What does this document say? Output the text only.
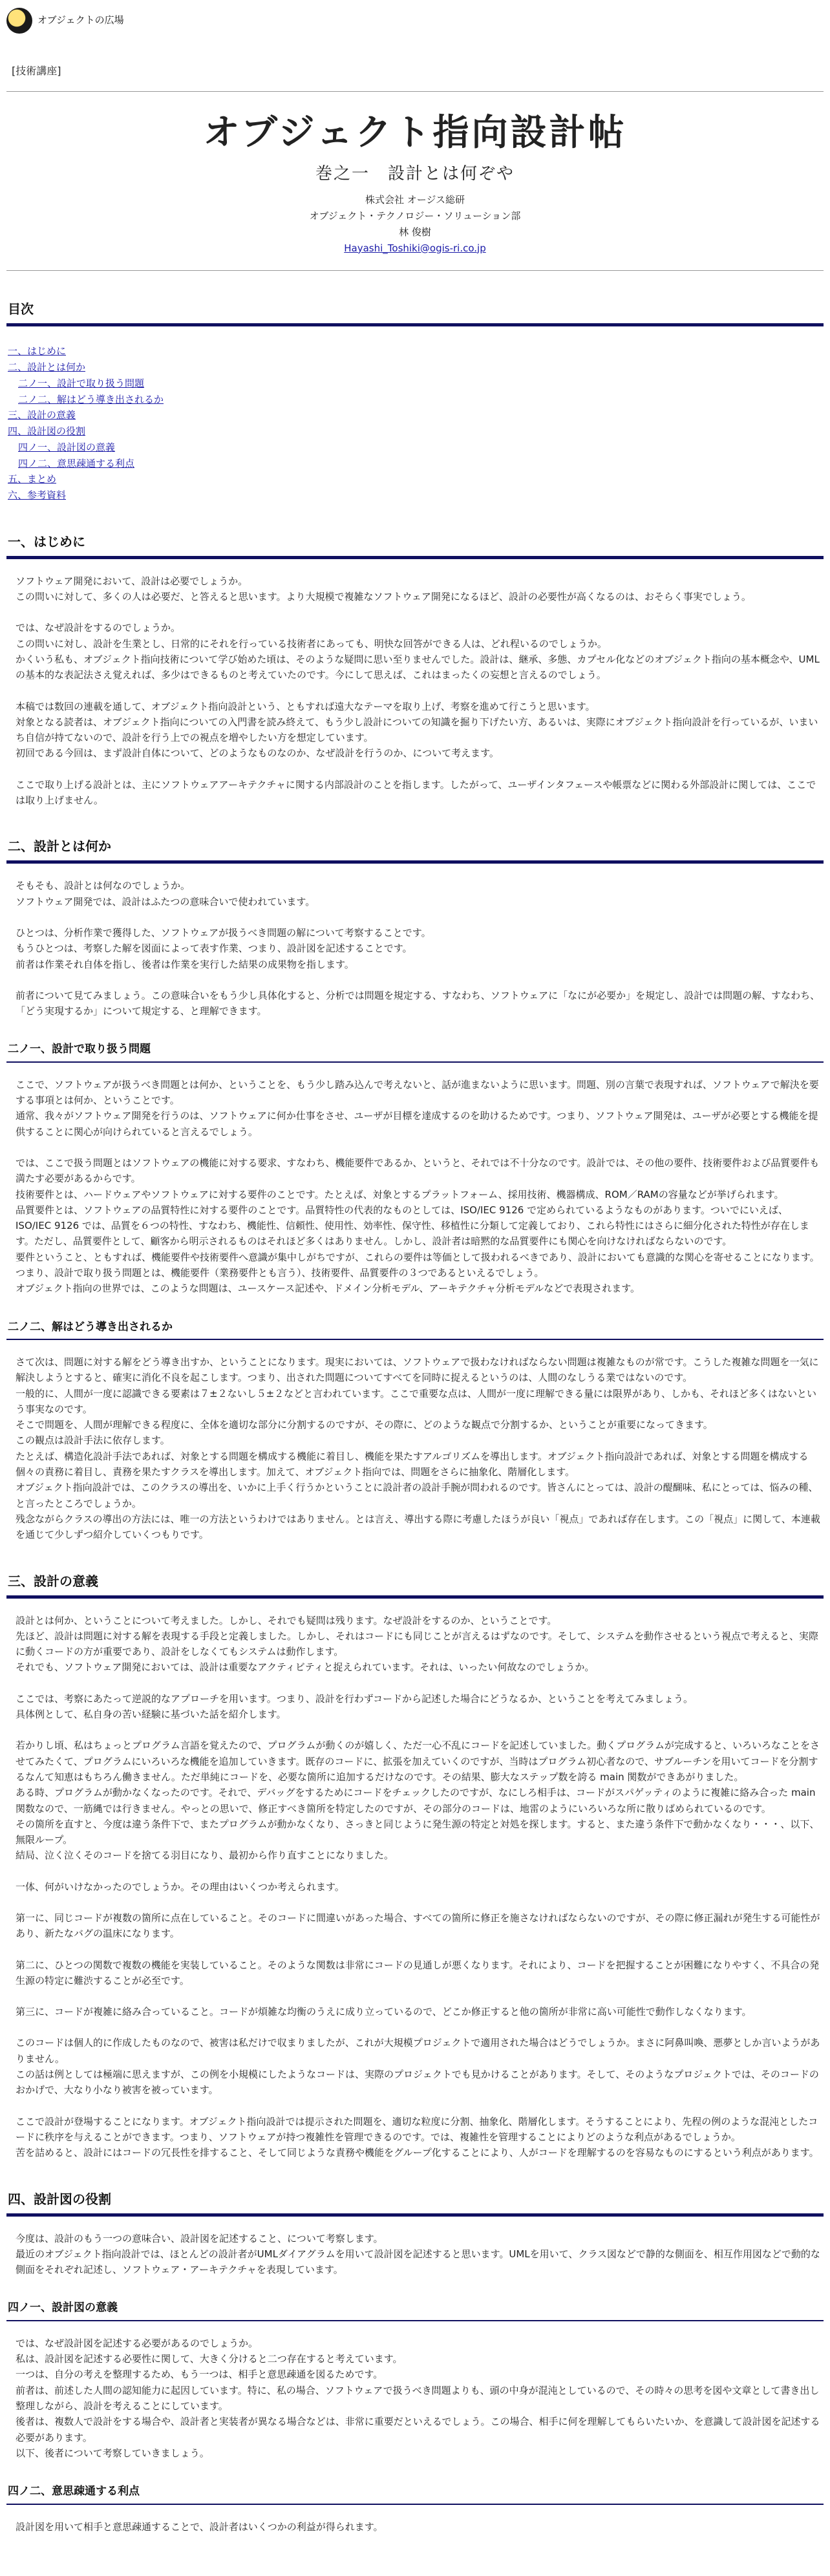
オブジェクトの広場
[技術講座]
オブジェクト指向設計帖
巻之一　設計とは何ぞや
株式会社 オージス総研
オブジェクト・テクノロジー・ソリューション部
林 俊樹
Hayashi_Toshiki@ogis-ri.co.jp
目次
一、はじめに
二、設計とは何か
二ノ一、設計で取り扱う問題
二ノ二、解はどう導き出されるか
三、設計の意義
四、設計図の役割
四ノ一、設計図の意義
四ノ二、意思疎通する利点
五、まとめ
六、参考資料
一、はじめに

ソフトウェア開発において、設計は必要でしょうか。
この問いに対して、多くの人は必要だ、と答えると思います。より大規模で複雑なソフトウェア開発になるほど、設計の必要性が高くなるのは、おそらく事実でしょう。

では、なぜ設計をするのでしょうか。
この問いに対し、設計を生業とし、日常的にそれを行っている技術者にあっても、明快な回答ができる人は、どれ程いるのでしょうか。
かくいう私も、オブジェクト指向技術について学び始めた頃は、そのような疑問に思い至りませんでした。設計は、継承、多態、カプセル化などのオブジェクト指向の基本概念や、UMLの基本的な表記法さえ覚えれば、多少はできるものと考えていたのです。今にして思えば、これはまったくの妄想と言えるのでしょう。

本稿では数回の連載を通して、オブジェクト指向設計という、ともすれば遠大なテーマを取り上げ、考察を進めて行こうと思います。
対象となる読者は、オブジェクト指向についての入門書を読み終えて、もう少し設計についての知識を掘り下げたい方、あるいは、実際にオブジェクト指向設計を行っているが、いまいち自信が持てないので、設計を行う上での視点を増やしたい方を想定しています。
初回である今回は、まず設計自体について、どのようなものなのか、なぜ設計を行うのか、について考えます。

ここで取り上げる設計とは、主にソフトウェアアーキテクチャに関する内部設計のことを指します。したがって、ユーザインタフェースや帳票などに関わる外部設計に関しては、ここでは取り上げません。

二、設計とは何か

そもそも、設計とは何なのでしょうか。
ソフトウェア開発では、設計はふたつの意味合いで使われています。

ひとつは、分析作業で獲得した、ソフトウェアが扱うべき問題の解について考察することです。
もうひとつは、考察した解を図面によって表す作業、つまり、設計図を記述することです。
前者は作業それ自体を指し、後者は作業を実行した結果の成果物を指します。

前者について見てみましょう。この意味合いをもう少し具体化すると、分析では問題を規定する、すなわち、ソフトウェアに「なにが必要か」を規定し、設計では問題の解、すなわち、「どう実現するか」について規定する、と理解できます。

二ノ一、設計で取り扱う問題

ここで、ソフトウェアが扱うべき問題とは何か、ということを、もう少し踏み込んで考えないと、話が進まないように思います。問題、別の言葉で表現すれば、ソフトウェアで解決を要する事項とは何か、ということです。
通常、我々がソフトウェア開発を行うのは、ソフトウェアに何か仕事をさせ、ユーザが目標を達成するのを助けるためです。つまり、ソフトウェア開発は、ユーザが必要とする機能を提供することに関心が向けられていると言えるでしょう。

では、ここで扱う問題とはソフトウェアの機能に対する要求、すなわち、機能要件であるか、というと、それでは不十分なのです。設計では、その他の要件、技術要件および品質要件も満たす必要があるからです。
技術要件とは、ハードウェアやソフトウェアに対する要件のことです。たとえば、対象とするプラットフォーム、採用技術、機器構成、ROM／RAMの容量などが挙げられます。
品質要件とは、ソフトウェアの品質特性に対する要件のことです。品質特性の代表的なものとしては、ISO/IEC 9126 で定められているようなものがあります。ついでにいえば、ISO/IEC 9126 では、品質を６つの特性、すなわち、機能性、信頼性、使用性、効率性、保守性、移植性に分類して定義しており、これら特性にはさらに細分化された特性が存在します。ただし、品質要件として、顧客から明示されるものはそれほど多くはありません。しかし、設計者は暗黙的な品質要件にも関心を向けなければならないのです。
要件ということ、ともすれば、機能要件や技術要件へ意識が集中しがちですが、これらの要件は等価として扱われるべきであり、設計においても意識的な関心を寄せることになります。
つまり、設計で取り扱う問題とは、機能要件（業務要件とも言う）、技術要件、品質要件の３つであるといえるでしょう。
オブジェクト指向の世界では、このような問題は、ユースケース記述や、ドメイン分析モデル、アーキテクチャ分析モデルなどで表現されます。

二ノ二、解はどう導き出されるか

さて次は、問題に対する解をどう導き出すか、ということになります。現実においては、ソフトウェアで扱わなければならない問題は複雑なものが常です。こうした複雑な問題を一気に解決しようとすると、確実に消化不良を起こします。つまり、出された問題についてすべてを同時に捉えるというのは、人間のなしうる業ではないのです。
一般的に、人間が一度に認識できる要素は７±２ないし５±２などと言われています。ここで重要な点は、人間が一度に理解できる量には限界があり、しかも、それほど多くはないという事実なのです。
そこで問題を、人間が理解できる程度に、全体を適切な部分に分割するのですが、その際に、どのような観点で分割するか、ということが重要になってきます。
この観点は設計手法に依存します。
たとえば、構造化設計手法であれば、対象とする問題を構成する機能に着目し、機能を果たすアルゴリズムを導出します。オブジェクト指向設計であれば、対象とする問題を構成する個々の責務に着目し、責務を果たすクラスを導出します。加えて、オブジェクト指向では、問題をさらに抽象化、階層化します。
オブジェクト指向設計では、このクラスの導出を、いかに上手く行うかということに設計者の設計手腕が問われるのです。皆さんにとっては、設計の醍醐味、私にとっては、悩みの種、と言ったところでしょうか。
残念ながらクラスの導出の方法には、唯一の方法というわけではありません。とは言え、導出する際に考慮したほうが良い「視点」であれば存在します。この「視点」に関して、本連載を通じて少しずつ紹介していくつもりです。

三、設計の意義

設計とは何か、ということについて考えました。しかし、それでも疑問は残ります。なぜ設計をするのか、ということです。
先ほど、設計は問題に対する解を表現する手段と定義しました。しかし、それはコードにも同じことが言えるはずなのです。そして、システムを動作させるという視点で考えると、実際に動くコードの方が重要であり、設計をしなくてもシステムは動作します。
それでも、ソフトウェア開発においては、設計は重要なアクティビティと捉えられています。それは、いったい何故なのでしょうか。

ここでは、考察にあたって逆説的なアプローチを用います。つまり、設計を行わずコードから記述した場合にどうなるか、ということを考えてみましょう。
具体例として、私自身の苦い経験に基づいた話を紹介します。

若かりし頃、私はちょっとプログラム言語を覚えたので、プログラムが動くのが嬉しく、ただ一心不乱にコードを記述していました。動くプログラムが完成すると、いろいろなことをさせてみたくて、プログラムにいろいろな機能を追加していきます。既存のコードに、拡張を加えていくのですが、当時はプログラム初心者なので、サブルーチンを用いてコードを分割するなんて知恵はもちろん働きません。ただ単純にコードを、必要な箇所に追加するだけなのです。その結果、膨大なステップ数を誇る main 関数ができあがりました。
ある時、プログラムが動かなくなったのです。それで、デバッグをするためにコードをチェックしたのですが、なにしろ相手は、コードがスパゲッティのように複雑に絡み合った main 関数なので、一筋縄では行きません。やっとの思いで、修正すべき箇所を特定したのですが、その部分のコードは、地雷のようにいろいろな所に散りばめられているのです。
その箇所を直すと、今度は違う条件下で、またプログラムが動かなくなり、さっきと同じように発生源の特定と対処を探します。すると、また違う条件下で動かなくなり・・・、以下、無限ループ。
結局、泣く泣くそのコードを捨てる羽目になり、最初から作り直すことになりました。

一体、何がいけなかったのでしょうか。その理由はいくつか考えられます。

第一に、同じコードが複数の箇所に点在していること。そのコードに間違いがあった場合、すべての箇所に修正を施さなければならないのですが、その際に修正漏れが発生する可能性があり、新たなバグの温床になります。

第二に、ひとつの関数で複数の機能を実装していること。そのような関数は非常にコードの見通しが悪くなります。それにより、コードを把握することが困難になりやすく、不具合の発生源の特定に難渋することが必至です。

第三に、コードが複雑に絡み合っていること。コードが煩雑な均衡のうえに成り立っているので、どこか修正すると他の箇所が非常に高い可能性で動作しなくなります。

このコードは個人的に作成したものなので、被害は私だけで収まりましたが、これが大規模プロジェクトで適用された場合はどうでしょうか。まさに阿鼻叫喚、悪夢としか言いようがありません。
この話は例としては極端に思えますが、この例を小規模にしたようなコードは、実際のプロジェクトでも見かけることがあります。そして、そのようなプロジェクトでは、そのコードのおかげで、大なり小なり被害を被っています。

ここで設計が登場することになります。オブジェクト指向設計では提示された問題を、適切な粒度に分割、抽象化、階層化します。そうすることにより、先程の例のような混沌としたコードに秩序を与えることができます。つまり、ソフトウェアが持つ複雑性を管理できるのです。では、複雑性を管理することによりどのような利点があるでしょうか。
苦を詰めると、設計にはコードの冗長性を排すること、そして同じような責務や機能をグループ化することにより、人がコードを理解するのを容易なものにするという利点があります。

四、設計図の役割

今度は、設計のもう一つの意味合い、設計図を記述すること、について考察します。
最近のオブジェクト指向設計では、ほとんどの設計者がUMLダイアグラムを用いて設計図を記述すると思います。UMLを用いて、クラス図などで静的な側面を、相互作用図などで動的な側面をそれぞれ記述し、ソフトウェア・アーキテクチャを表現しています。

四ノ一、設計図の意義

では、なぜ設計図を記述する必要があるのでしょうか。
私は、設計図を記述する必要性に関して、大きく分けると二つ存在すると考えています。
一つは、自分の考えを整理するため、もう一つは、相手と意思疎通を図るためです。
前者は、前述した人間の認知能力に起因しています。特に、私の場合、ソフトウェアで扱うべき問題よりも、頭の中身が混沌としているので、その時々の思考を図や文章として書き出し整理しながら、設計を考えることにしています。
後者は、複数人で設計をする場合や、設計者と実装者が異なる場合などは、非常に重要だといえるでしょう。この場合、相手に何を理解してもらいたいか、を意識して設計図を記述する必要があります。
以下、後者について考察していきましょう。

四ノ二、意思疎通する利点

設計図を用いて相手と意思疎通することで、設計者はいくつかの利益が得られます。
